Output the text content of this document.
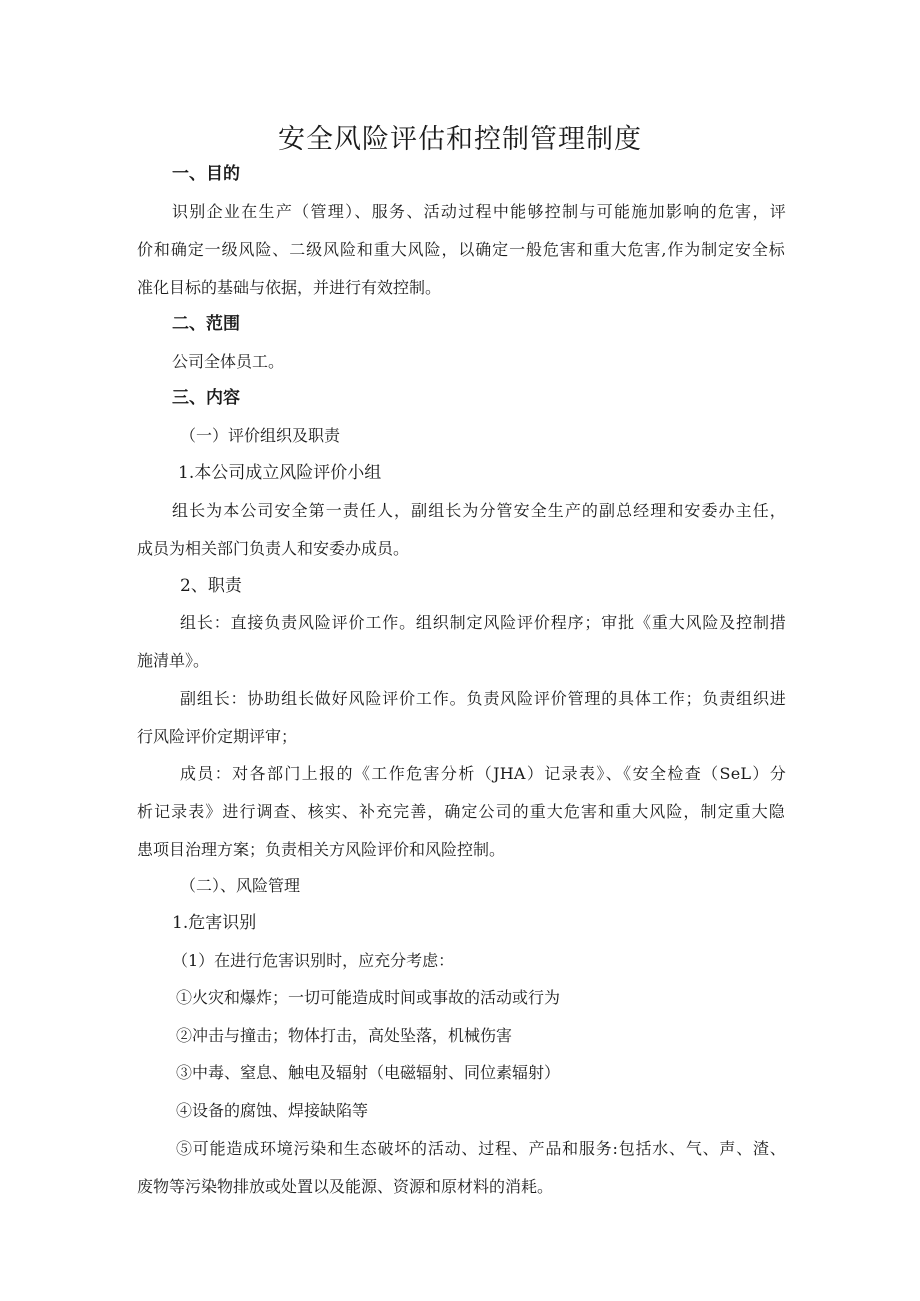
安全风险评估和控制管理制度
一、目的
识别企业在生产（管理）、服务、活动过程中能够控制与可能施加影响的危害，评
价和确定一级风险、二级风险和重大风险，以确定一般危害和重大危害,作为制定安全标
准化目标的基础与依据，并进行有效控制。
二、范围
公司全体员工。
三、内容
（一）评价组织及职责
1.本公司成立风险评价小组
组长为本公司安全第一责任人，副组长为分管安全生产的副总经理和安委办主任，
成员为相关部门负责人和安委办成员。
2、职责
组长：直接负责风险评价工作。组织制定风险评价程序；审批《重大风险及控制措
施清单》。
副组长：协助组长做好风险评价工作。负责风险评价管理的具体工作；负责组织进
行风险评价定期评审；
成员：对各部门上报的《工作危害分析（JHA）记录表》、《安全检查（SeL）分
析记录表》进行调查、核实、补充完善，确定公司的重大危害和重大风险，制定重大隐
患项目治理方案；负责相关方风险评价和风险控制。
（二）、风险管理
1.危害识别
（1）在进行危害识别时，应充分考虑：
①火灾和爆炸；一切可能造成时间或事故的活动或行为
②冲击与撞击；物体打击，高处坠落，机械伤害
③中毒、窒息、触电及辐射（电磁辐射、同位素辐射）
④设备的腐蚀、焊接缺陷等
⑤可能造成环境污染和生态破坏的活动、过程、产品和服务:包括水、气、声、渣、
废物等污染物排放或处置以及能源、资源和原材料的消耗。
